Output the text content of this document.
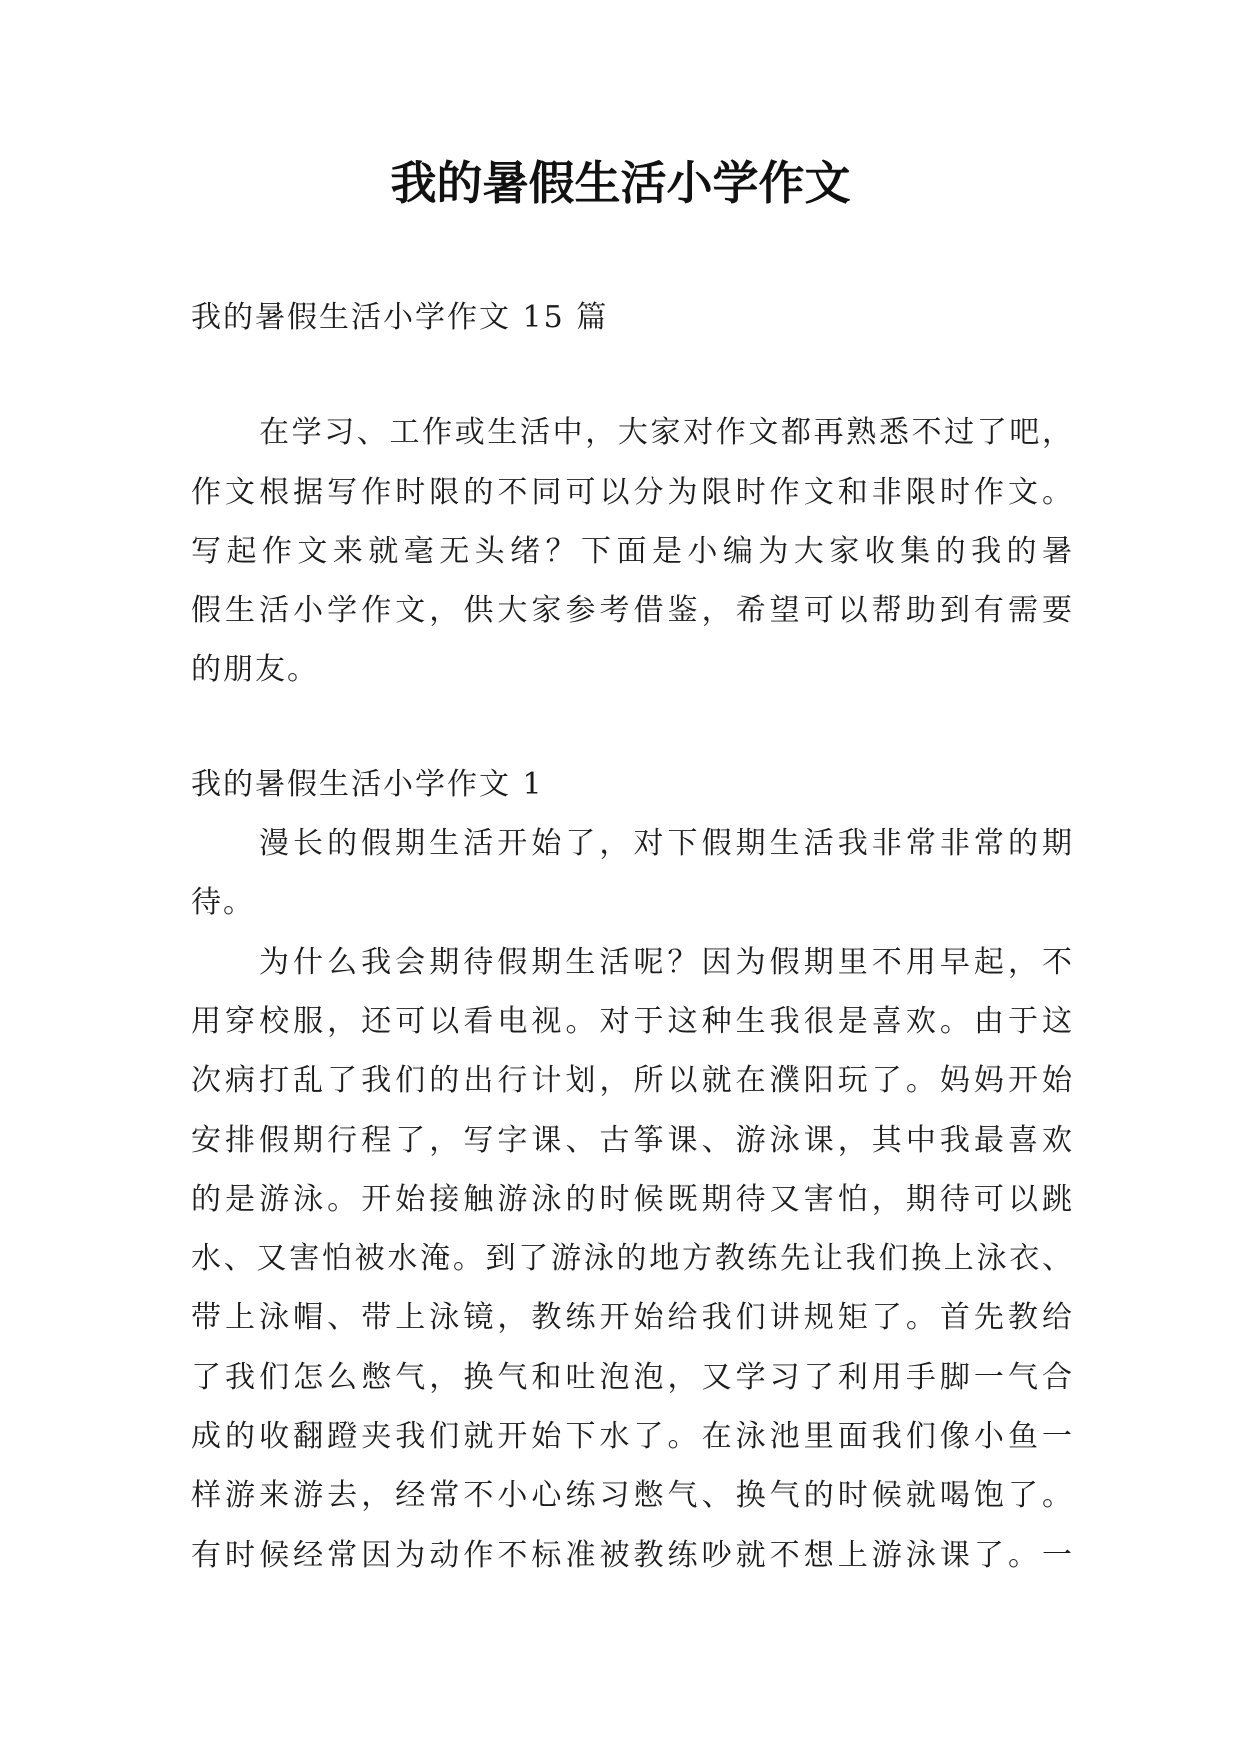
我的暑假生活小学作文
我的暑假生活小学作文 15 篇
在学习、工作或生活中，大家对作文都再熟悉不过了吧，
作文根据写作时限的不同可以分为限时作文和非限时作文。
写起作文来就毫无头绪？下面是小编为大家收集的我的暑
假生活小学作文，供大家参考借鉴，希望可以帮助到有需要
的朋友。
我的暑假生活小学作文 1
漫长的假期生活开始了，对下假期生活我非常非常的期
待。
为什么我会期待假期生活呢？因为假期里不用早起，不
用穿校服，还可以看电视。对于这种生我很是喜欢。由于这
次病打乱了我们的出行计划，所以就在濮阳玩了。妈妈开始
安排假期行程了，写字课、古筝课、游泳课，其中我最喜欢
的是游泳。开始接触游泳的时候既期待又害怕，期待可以跳
水、又害怕被水淹。到了游泳的地方教练先让我们换上泳衣、
带上泳帽、带上泳镜，教练开始给我们讲规矩了。首先教给
了我们怎么憋气，换气和吐泡泡，又学习了利用手脚一气合
成的收翻蹬夹我们就开始下水了。在泳池里面我们像小鱼一
样游来游去，经常不小心练习憋气、换气的时候就喝饱了。
有时候经常因为动作不标准被教练吵就不想上游泳课了。一
